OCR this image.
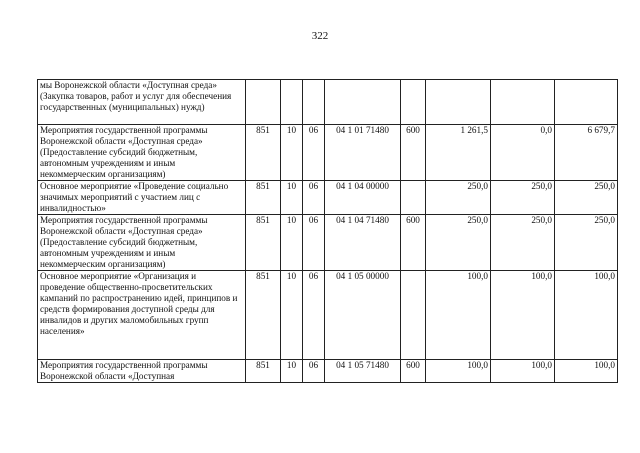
322
мы Воронежской области «Доступная среда» (Закупка товаров, работ и услуг для обеспечения государственных (муниципальных) нужд)								
Мероприятия государственной программы Воронежской области «Доступная среда» (Предоставление субсидий бюджетным, автономным учреждениям и иным некоммерческим организациям)	851	10	06	04 1 01 71480	600	1 261,5	0,0	6 679,7
Основное мероприятие «Проведение социально значимых мероприятий с участием лиц с инвалидностью»	851	10	06	04 1 04 00000		250,0	250,0	250,0
Мероприятия государственной программы Воронежской области «Доступная среда» (Предоставление субсидий бюджетным, автономным учреждениям и иным некоммерческим организациям)	851	10	06	04 1 04 71480	600	250,0	250,0	250,0
Основное мероприятие «Организация и проведение общественно-просветительских кампаний по распространению идей, принципов и средств формирования доступной среды для инвалидов и других маломобильных групп населения»	851	10	06	04 1 05 00000		100,0	100,0	100,0
Мероприятия государственной программы Воронежской области «Доступная	851	10	06	04 1 05 71480	600	100,0	100,0	100,0
